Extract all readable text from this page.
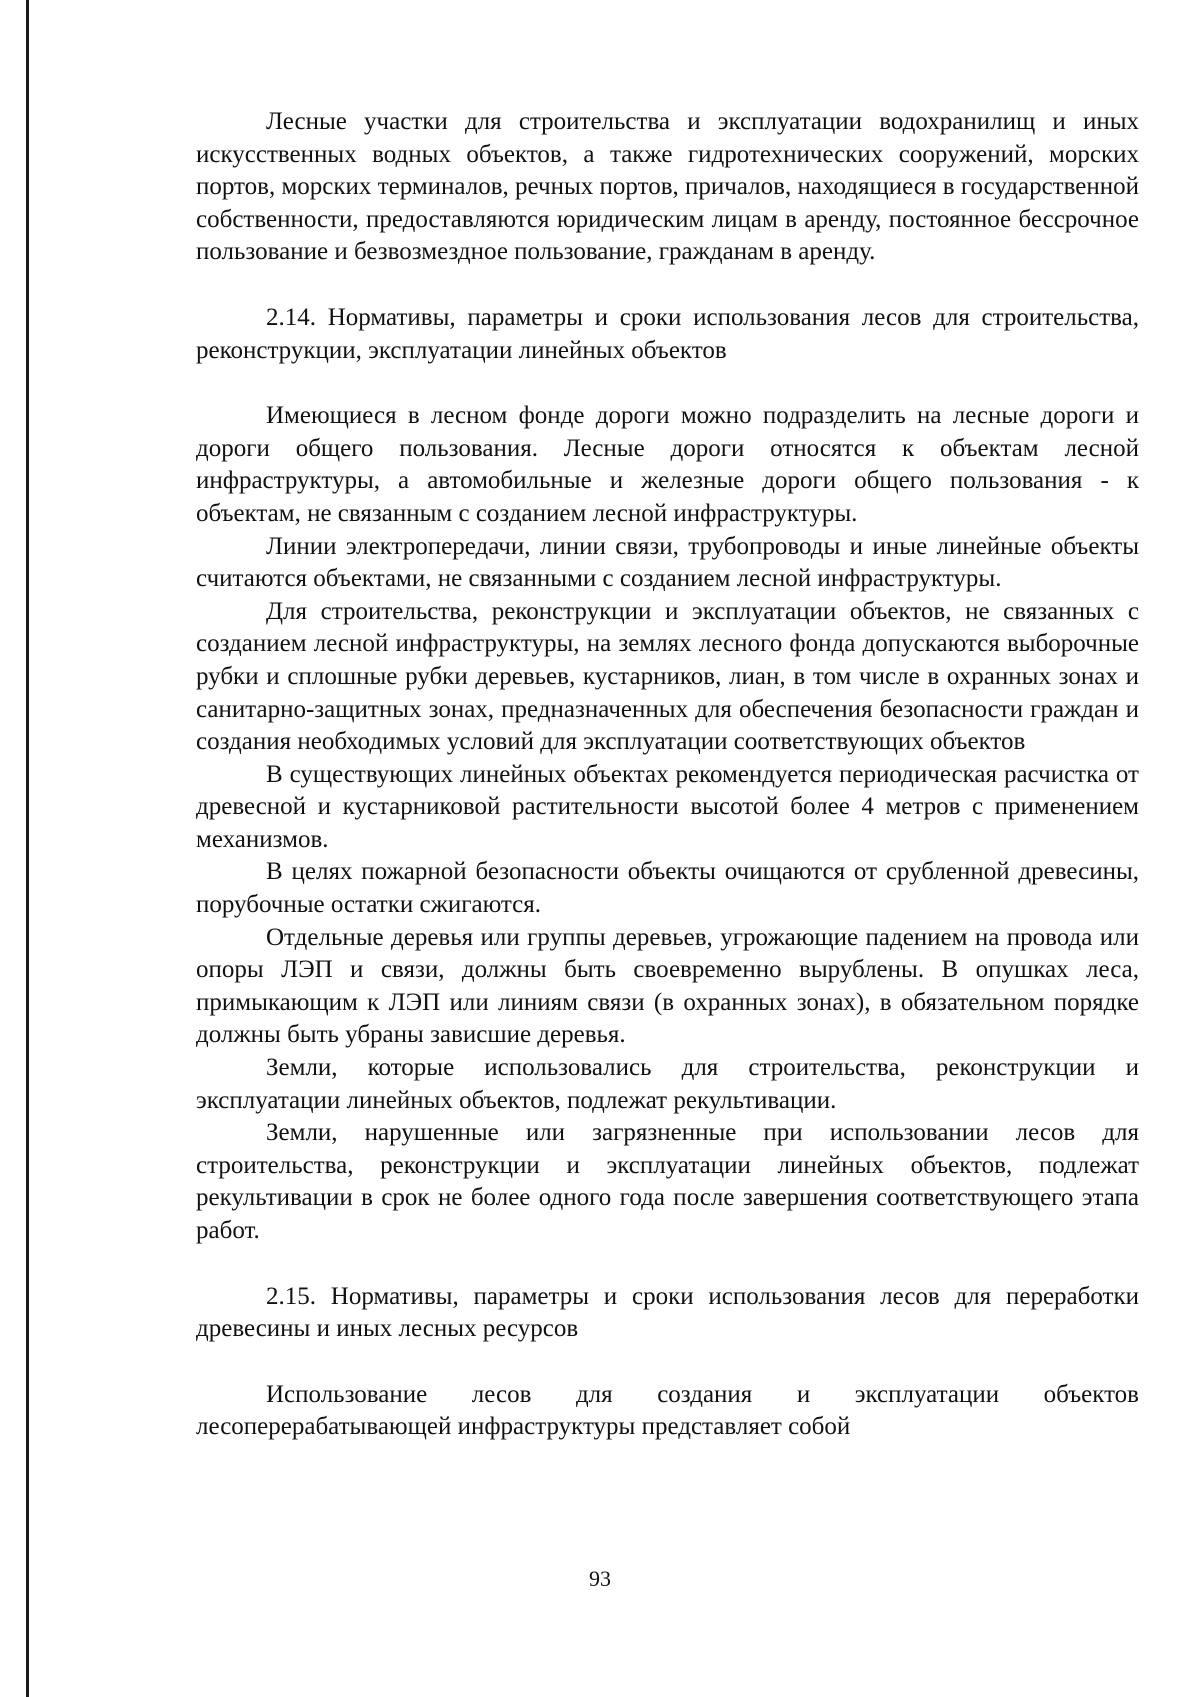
Лесные участки для строительства и эксплуатации водохранилищ и иных искусственных водных объектов, а также гидротехнических сооружений, морских портов, морских терминалов, речных портов, причалов, находящиеся в государственной собственности, предоставляются юридическим лицам в аренду, постоянное бессрочное пользование и безвозмездное пользование, гражданам в аренду.

2.14. Нормативы, параметры и сроки использования лесов для строительства, реконструкции, эксплуатации линейных объектов

Имеющиеся в лесном фонде дороги можно подразделить на лесные дороги и дороги общего пользования. Лесные дороги относятся к объектам лесной инфраструктуры, а автомобильные и железные дороги общего пользования - к объектам, не связанным с созданием лесной инфраструктуры.

Линии электропередачи, линии связи, трубопроводы и иные линейные объекты считаются объектами, не связанными с созданием лесной инфраструктуры.

Для строительства, реконструкции и эксплуатации объектов, не связанных с созданием лесной инфраструктуры, на землях лесного фонда допускаются выборочные рубки и сплошные рубки деревьев, кустарников, лиан, в том числе в охранных зонах и санитарно-защитных зонах, предназначенных для обеспечения безопасности граждан и создания необходимых условий для эксплуатации соответствующих объектов

В существующих линейных объектах рекомендуется периодическая расчистка от древесной и кустарниковой растительности высотой более 4 метров с применением механизмов.

В целях пожарной безопасности объекты очищаются от срубленной древесины, порубочные остатки сжигаются.

Отдельные деревья или группы деревьев, угрожающие падением на провода или опоры ЛЭП и связи, должны быть своевременно вырублены. В опушках леса, примыкающим к ЛЭП или линиям связи (в охранных зонах), в обязательном порядке должны быть убраны зависшие деревья.

Земли, которые использовались для строительства, реконструкции и эксплуатации линейных объектов, подлежат рекультивации.

Земли, нарушенные или загрязненные при использовании лесов для строительства, реконструкции и эксплуатации линейных объектов, подлежат рекультивации в срок не более одного года после завершения соответствующего этапа работ.

2.15. Нормативы, параметры и сроки использования лесов для переработки древесины и иных лесных ресурсов

Использование лесов для создания и эксплуатации объектов лесоперерабатывающей инфраструктуры представляет собой

93
